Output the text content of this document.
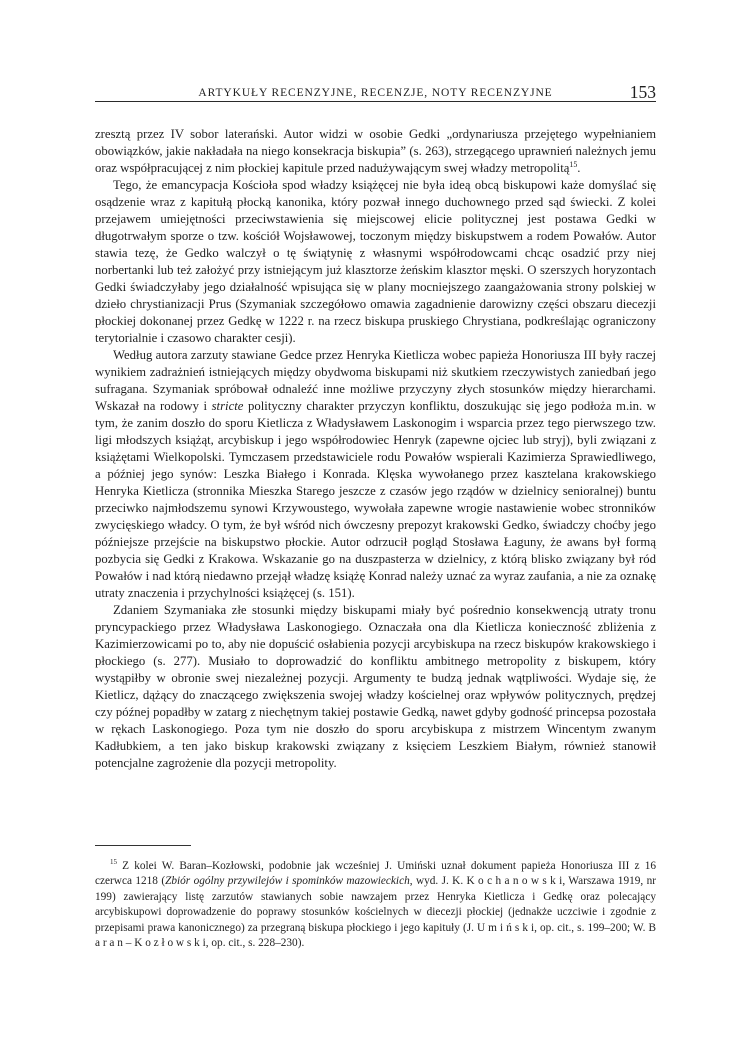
ARTYKUŁY RECENZYJNE, RECENZJE, NOTY RECENZYJNE	153

zresztą przez IV sobor laterański. Autor widzi w osobie Gedki „ordynariusza przejętego wypełnianiem obowiązków, jakie nakładała na niego konsekracja biskupia” (s. 263), strzegącego uprawnień należnych jemu oraz współpracującej z nim płockiej kapitule przed nadużywającym swej władzy metropolitą$^{15}$.

Tego, że emancypacja Kościoła spod władzy książęcej nie była ideą obcą biskupowi każe domyślać się osądzenie wraz z kapitułą płocką kanonika, który pozwał innego duchownego przed sąd świecki. Z kolei przejawem umiejętności przeciwstawienia się miejscowej elicie politycznej jest postawa Gedki w długotrwałym sporze o tzw. kościół Wojsławowej, toczonym między biskupstwem a rodem Powałów. Autor stawia tezę, że Gedko walczył o tę świątynię z własnymi współrodowcami chcąc osadzić przy niej norbertanki lub też założyć przy istniejącym już klasztorze żeńskim klasztor męski. O szerszych horyzontach Gedki świadczyłaby jego działalność wpisująca się w plany mocniejszego zaangażowania strony polskiej w dzieło chrystianizacji Prus (Szymaniak szczegółowo omawia zagadnienie darowizny części obszaru diecezji płockiej dokonanej przez Gedkę w 1222 r. na rzecz biskupa pruskiego Chrystiana, podkreślając ograniczony terytorialnie i czasowo charakter cesji).

Według autora zarzuty stawiane Gedce przez Henryka Kietlicza wobec papieża Honoriusza III były raczej wynikiem zadrażnień istniejących między obydwoma biskupami niż skutkiem rzeczywistych zaniedbań jego sufragana. Szymaniak spróbował odnaleźć inne możliwe przyczyny złych stosunków między hierarchami. Wskazał na rodowy i stricte polityczny charakter przyczyn konfliktu, doszukując się jego podłoża m.in. w tym, że zanim doszło do sporu Kietlicza z Władysławem Laskonogim i wsparcia przez tego pierwszego tzw. ligi młodszych książąt, arcybiskup i jego współrodowiec Henryk (zapewne ojciec lub stryj), byli związani z książętami Wielkopolski. Tymczasem przedstawiciele rodu Powałów wspierali Kazimierza Sprawiedliwego, a później jego synów: Leszka Białego i Konrada. Klęska wywołanego przez kasztelana krakowskiego Henryka Kietlicza (stronnika Mieszka Starego jeszcze z czasów jego rządów w dzielnicy senioralnej) buntu przeciwko najmłodszemu synowi Krzywoustego, wywołała zapewne wrogie nastawienie wobec stronników zwycięskiego władcy. O tym, że był wśród nich ówczesny prepozyt krakowski Gedko, świadczy choćby jego późniejsze przejście na biskupstwo płockie. Autor odrzucił pogląd Stosława Łaguny, że awans był formą pozbycia się Gedki z Krakowa. Wskazanie go na duszpasterza w dzielnicy, z którą blisko związany był ród Powałów i nad którą niedawno przejął władzę książę Konrad należy uznać za wyraz zaufania, a nie za oznakę utraty znaczenia i przychylności książęcej (s. 151).

Zdaniem Szymaniaka złe stosunki między biskupami miały być pośrednio konsekwencją utraty tronu pryncypackiego przez Władysława Laskonogiego. Oznaczała ona dla Kietlicza konieczność zbliżenia z Kazimierzowicami po to, aby nie dopuścić osłabienia pozycji arcybiskupa na rzecz biskupów krakowskiego i płockiego (s. 277). Musiało to doprowadzić do konfliktu ambitnego metropolity z biskupem, który wystąpiłby w obronie swej niezależnej pozycji. Argumenty te budzą jednak wątpliwości. Wydaje się, że Kietlicz, dążący do znaczącego zwiększenia swojej władzy kościelnej oraz wpływów politycznych, prędzej czy późnej popadłby w zatarg z niechętnym takiej postawie Gedką, nawet gdyby godność princepsa pozostała w rękach Laskonogiego. Poza tym nie doszło do sporu arcybiskupa z mistrzem Wincentym zwanym Kadłubkiem, a ten jako biskup krakowski związany z księciem Leszkiem Białym, również stanowił potencjalne zagrożenie dla pozycji metropolity.

$^{15}$ Z kolei W. Baran–Kozłowski, podobnie jak wcześniej J. Umiński uznał dokument papieża Honoriusza III z 16 czerwca 1218 (Zbiór ogólny przywilejów i spominków mazowieckich, wyd. J. K. K o c h a n o w s k i, Warszawa 1919, nr 199) zawierający listę zarzutów stawianych sobie nawzajem przez Henryka Kietlicza i Gedkę oraz polecający arcybiskupowi doprowadzenie do poprawy stosunków kościelnych w diecezji płockiej (jednakże uczciwie i zgodnie z przepisami prawa kanonicznego) za przegraną biskupa płockiego i jego kapituły (J. U m i ń s k i, op. cit., s. 199–200; W. B a r a n – K o z ł o w s k i, op. cit., s. 228–230).
